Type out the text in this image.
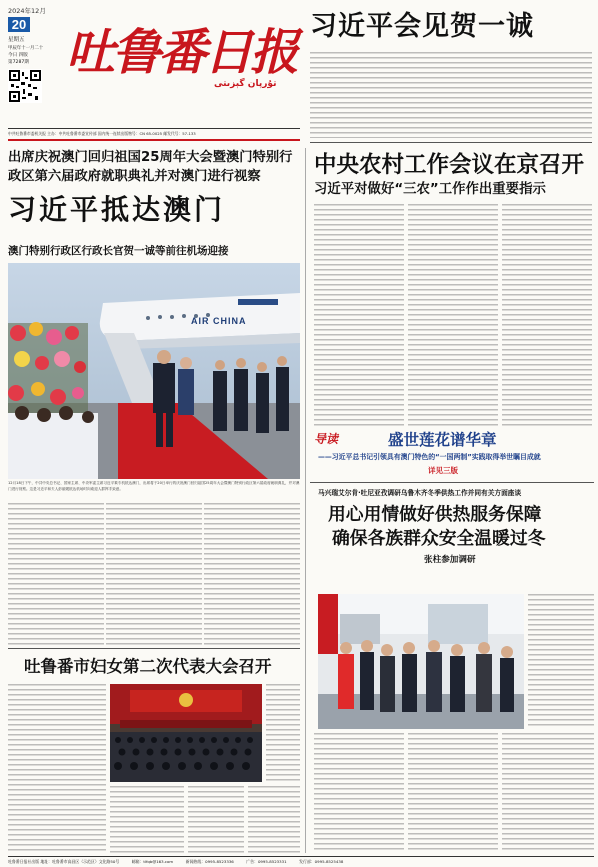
2024年12月
20
星期五
甲辰年十一月二十
今日 四版
第7287期 吐鲁番日报
تۇرپان گېزىتى
中共吐鲁番市委机关报 主办：中共吐鲁番市委宣传部 国内统一连续出版物号：CN 65-0025 邮发代号：57-133
习近平会见贺一诚
出席庆祝澳门回归祖国25周年大会暨澳门特别行政区第六届政府就职典礼并对澳门进行视察
习近平抵达澳门
澳门特别行政区行政长官贺一诚等前往机场迎接
AIR CHINA
12月18日下午，中共中央总书记、国家主席、中央军委主席习近平乘专机抵达澳门，出席将于20日举行的庆祝澳门回归祖国25周年大会暨澳门特别行政区第六届政府就职典礼，并对澳门进行视察。这是习近平和夫人彭丽媛抵达机场时向欢迎人群挥手致意。
中央农村工作会议在京召开
习近平对做好“三农”工作作出重要指示
导读	盛世莲花谱华章
——习近平总书记引领具有澳门特色的“一国两制”实践取得举世瞩目成就
详见三版
马兴瑞艾尔肯·吐尼亚孜调研乌鲁木齐冬季供热工作并同有关方面座谈
用心用情做好供热服务保障
确保各族群众安全温暖过冬
张柱参加调研
吐鲁番市妇女第二次代表大会召开
吐鲁番日报社出版 地址：吐鲁番市高昌区（示范区）文化路50号	邮箱：tlfqb@163.com	新闻热线：0995-8523336	广告：0995-8523331	发行部：0995-8525438
